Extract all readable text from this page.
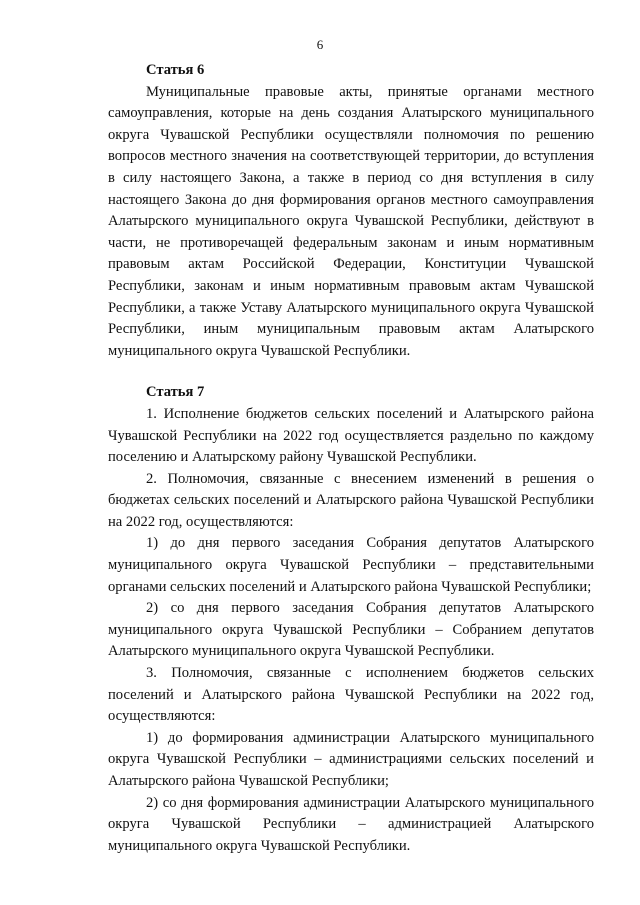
6

Статья 6

Муниципальные правовые акты, принятые органами местного самоуправления, которые на день создания Алатырского муниципального округа Чувашской Республики осуществляли полномочия по решению вопросов местного значения на соответствующей территории, до вступления в силу настоящего Закона, а также в период со дня вступления в силу настоящего Закона до дня формирования органов местного самоуправления Алатырского муниципального округа Чувашской Республики, действуют в части, не противоречащей федеральным законам и иным нормативным правовым актам Российской Федерации, Конституции Чувашской Республики, законам и иным нормативным правовым актам Чувашской Республики, а также Уставу Алатырского муниципального округа Чувашской Республики, иным муниципальным правовым актам Алатырского муниципального округа Чувашской Республики.

Статья 7

1. Исполнение бюджетов сельских поселений и Алатырского района Чувашской Республики на 2022 год осуществляется раздельно по каждому поселению и Алатырскому району Чувашской Республики.

2. Полномочия, связанные с внесением изменений в решения о бюджетах сельских поселений и Алатырского района Чувашской Республики на 2022 год, осуществляются:

1) до дня первого заседания Собрания депутатов Алатырского муниципального округа Чувашской Республики – представительными органами сельских поселений и Алатырского района Чувашской Республики;

2) со дня первого заседания Собрания депутатов Алатырского муниципального округа Чувашской Республики – Собранием депутатов Алатырского муниципального округа Чувашской Республики.

3. Полномочия, связанные с исполнением бюджетов сельских поселений и Алатырского района Чувашской Республики на 2022 год, осуществляются:

1) до формирования администрации Алатырского муниципального округа Чувашской Республики – администрациями сельских поселений и Алатырского района Чувашской Республики;

2) со дня формирования администрации Алатырского муниципального округа Чувашской Республики – администрацией Алатырского муниципального округа Чувашской Республики.
